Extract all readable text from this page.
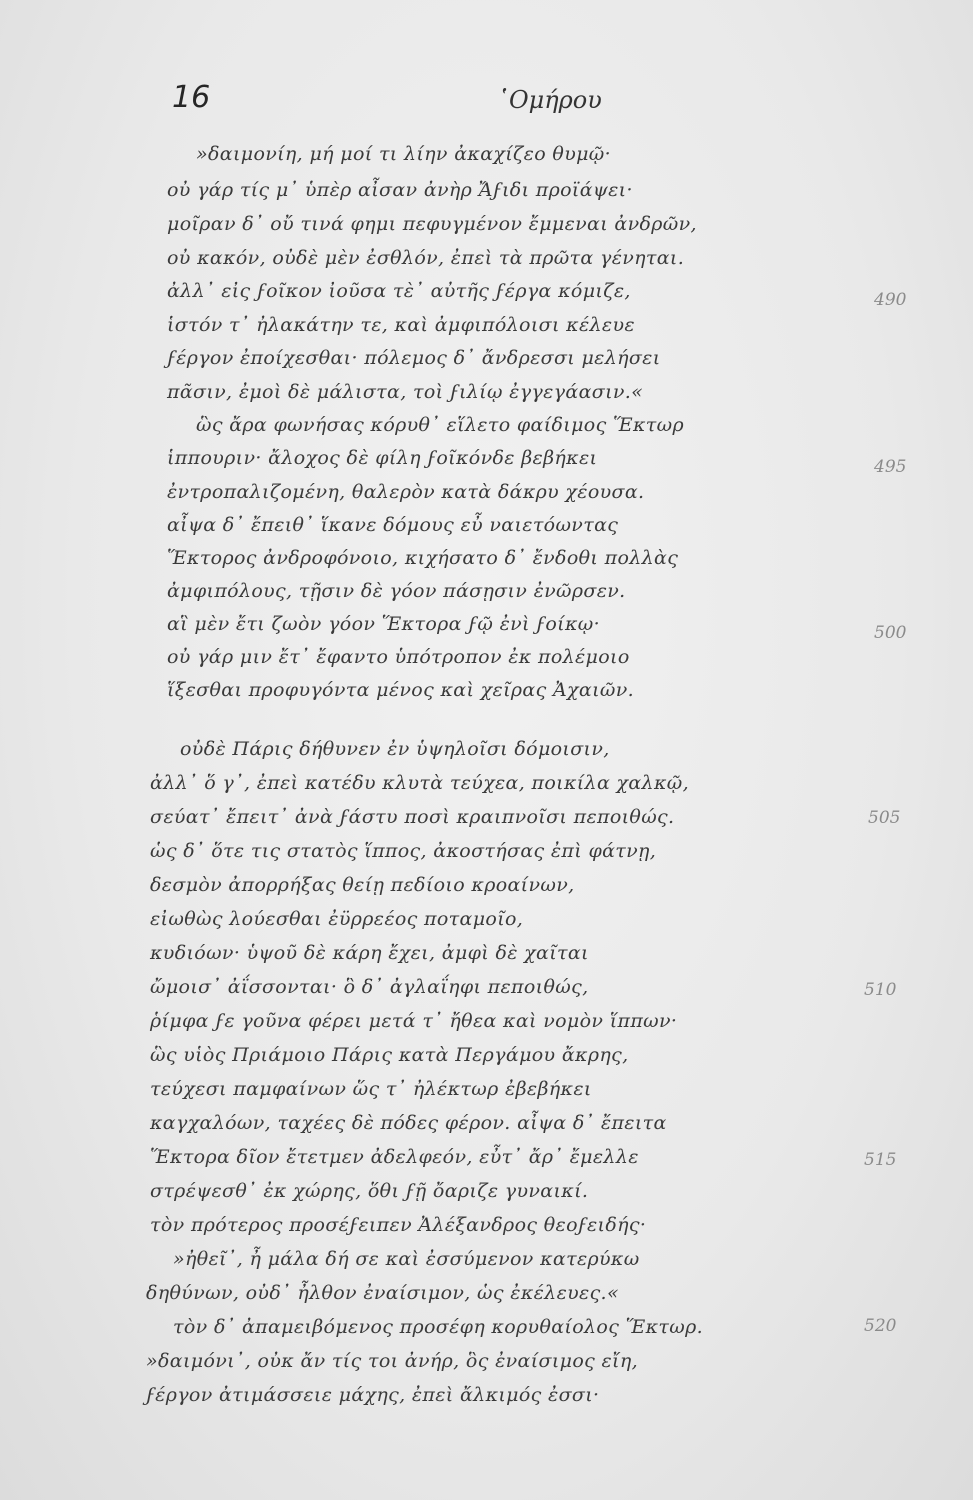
16	῾Ομήρου
»δαιμονίη, μή μοί τι λίην ἀκαχίζεο θυμῷ·
οὐ γάρ τίς μ᾿ ὑπὲρ αἶσαν ἀνὴρ Ἄϝιδι προϊάψει·
μοῖραν δ᾿ οὔ τινά φημι πεφυγμένον ἔμμεναι ἀνδρῶν,
οὐ κακόν, οὐδὲ μὲν ἐσθλόν, ἐπεὶ τὰ πρῶτα γένηται.
ἀλλ᾿ εἰς ϝοῖκον ἰοῦσα τὲ᾿ αὐτῆς ϝέργα κόμιζε,
ἱστόν τ᾿ ἠλακάτην τε, καὶ ἀμφιπόλοισι κέλευε
ϝέργον ἐποίχεσθαι· πόλεμος δ᾿ ἄνδρεσσι μελήσει
πᾶσιν, ἐμοὶ δὲ μάλιστα, τοὶ ϝιλίῳ ἐγγεγάασιν.«
ὣς ἄρα φωνήσας κόρυθ᾿ εἵλετο φαίδιμος Ἕκτωρ
ἱππουριν· ἄλοχος δὲ φίλη ϝοῖκόνδε βεβήκει
ἐντροπαλιζομένη, θαλερὸν κατὰ δάκρυ χέουσα.
αἶψα δ᾿ ἔπειθ᾿ ἵκανε δόμους εὖ ναιετόωντας
Ἕκτορος ἀνδροφόνοιο, κιχήσατο δ᾿ ἔνδοθι πολλὰς
ἀμφιπόλους, τῇσιν δὲ γόον πάσῃσιν ἐνῶρσεν.
αἳ μὲν ἔτι ζωὸν γόον Ἕκτορα ϝῷ ἐνὶ ϝοίκῳ·
οὐ γάρ μιν ἔτ᾿ ἔφαντο ὑπότροπον ἐκ πολέμοιο
ἵξεσθαι προφυγόντα μένος καὶ χεῖρας Ἀχαιῶν.
οὐδὲ Πάρις δήθυνεν ἐν ὑψηλοῖσι δόμοισιν,
ἀλλ᾿ ὅ γ᾿, ἐπεὶ κατέδυ κλυτὰ τεύχεα, ποικίλα χαλκῷ,
σεύατ᾿ ἔπειτ᾿ ἀνὰ ϝάστυ ποσὶ κραιπνοῖσι πεποιθώς.
ὡς δ᾿ ὅτε τις στατὸς ἵππος, ἀκοστήσας ἐπὶ φάτνῃ,
δεσμὸν ἀπορρήξας θείῃ πεδίοιο κροαίνων,
εἰωθὼς λούεσθαι ἐϋρρεέος ποταμοῖο,
κυδιόων· ὑψοῦ δὲ κάρη ἔχει, ἀμφὶ δὲ χαῖται
ὤμοισ᾿ ἀΐσσονται· ὃ δ᾿ ἀγλαΐηφι πεποιθώς,
ῥίμφα ϝε γοῦνα φέρει μετά τ᾿ ἤθεα καὶ νομὸν ἵππων·
ὣς υἱὸς Πριάμοιο Πάρις κατὰ Περγάμου ἄκρης,
τεύχεσι παμφαίνων ὥς τ᾿ ἠλέκτωρ ἐβεβήκει
καγχαλόων, ταχέες δὲ πόδες φέρον. αἶψα δ᾿ ἔπειτα
Ἕκτορα δῖον ἔτετμεν ἀδελφεόν, εὖτ᾿ ἄρ᾿ ἔμελλε
στρέψεσθ᾿ ἐκ χώρης, ὅθι ϝῇ ὄαριζε γυναικί.
τὸν πρότερος προσέϝειπεν Ἀλέξανδρος θεοϝειδής·
»ἠθεῖ᾿, ἦ μάλα δή σε καὶ ἐσσύμενον κατερύκω
δηθύνων, οὐδ᾿ ἦλθον ἐναίσιμον, ὡς ἐκέλευες.«
τὸν δ᾿ ἀπαμειβόμενος προσέφη κορυθαίολος Ἕκτωρ.
»δαιμόνι᾿, οὐκ ἄν τίς τοι ἀνήρ, ὃς ἐναίσιμος εἴη,
ϝέργον ἀτιμάσσειε μάχης, ἐπεὶ ἄλκιμός ἐσσι·
490
495
500
505
510
515
520
